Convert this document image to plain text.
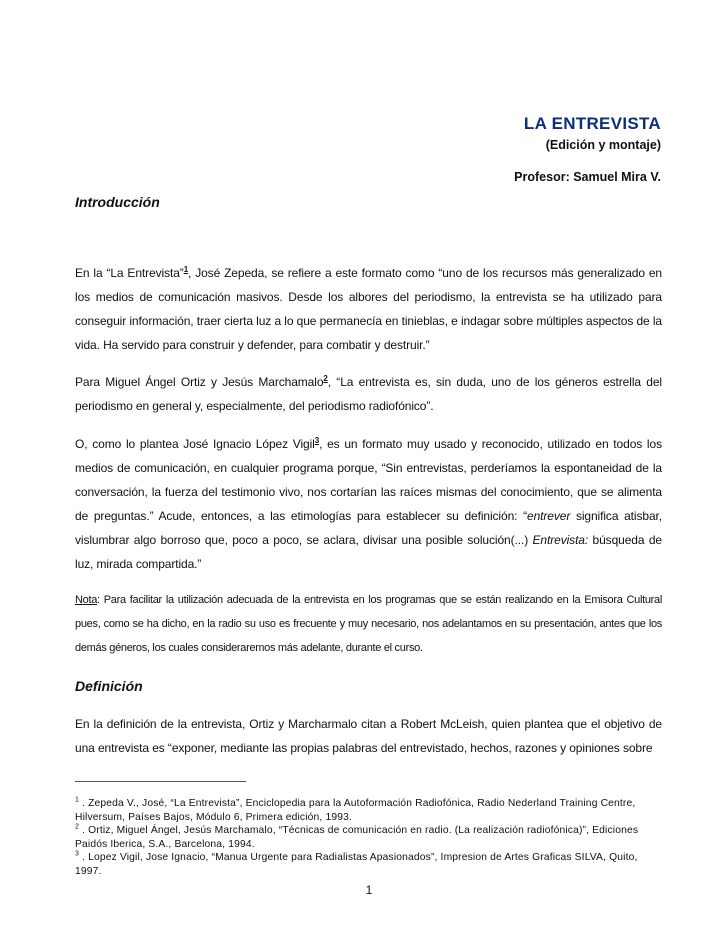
LA ENTREVISTA
(Edición y montaje)
Profesor: Samuel Mira V.
Introducción
En la “La Entrevista”$^1$, José Zepeda, se refiere a este formato como “uno de los recursos más generalizado en los medios de comunicación masivos. Desde los albores del periodismo, la entrevista se ha utilizado para conseguir información, traer cierta luz a lo que permanecía en tinieblas, e indagar sobre múltiples aspectos de la vida. Ha servido para construir y defender, para combatir y destruir.”
Para Miguel Ángel Ortiz y Jesús Marchamalo$^2$, “La entrevista es, sin duda, uno de los géneros estrella del periodismo en general y, especialmente, del periodismo radiofónico”.
O, como lo plantea José Ignacio López Vigil$^3$, es un formato muy usado y reconocido, utilizado en todos los medios de comunicación, en cualquier programa porque, “Sin entrevistas, perderíamos la espontaneidad de la conversación, la fuerza del testimonio vivo, nos cortarían las raíces mismas del conocimiento, que se alimenta de preguntas.” Acude, entonces, a las etimologías para establecer su definición: “entrever significa atisbar, vislumbrar algo borroso que, poco a poco, se aclara, divisar una posible solución(...) Entrevista: búsqueda de luz, mirada compartida.”
Nota: Para facilitar la utilización adecuada de la entrevista en los programas que se están realizando en la Emisora Cultural pues, como se ha dicho, en la radio su uso es frecuente y muy necesario, nos adelantamos en su presentación, antes que los demás géneros, los cuales consideraremos más adelante, durante el curso.
Definición
En la definición de la entrevista, Ortiz y Marcharmalo citan a Robert McLeish, quien plantea que el objetivo de una entrevista es “exponer, mediante las propias palabras del entrevistado, hechos, razones y opiniones sobre
$^1$ . Zepeda V., José, “La Entrevista”, Enciclopedia para la Autoformación Radiofónica, Radio Nederland Training Centre, Hilversum, Países Bajos, Módulo 6, Primera edición, 1993.
$^2$ . Ortiz, Miguel Ángel, Jesús Marchamalo, “Técnicas de comunicación en radio. (La realización radiofónica)”, Ediciones Paidós Iberica, S.A., Barcelona, 1994.
$^3$ . Lopez Vigil, Jose Ignacio, “Manua Urgente para Radialistas Apasionados”, Impresion de Artes Graficas SILVA, Quito, 1997.
1
